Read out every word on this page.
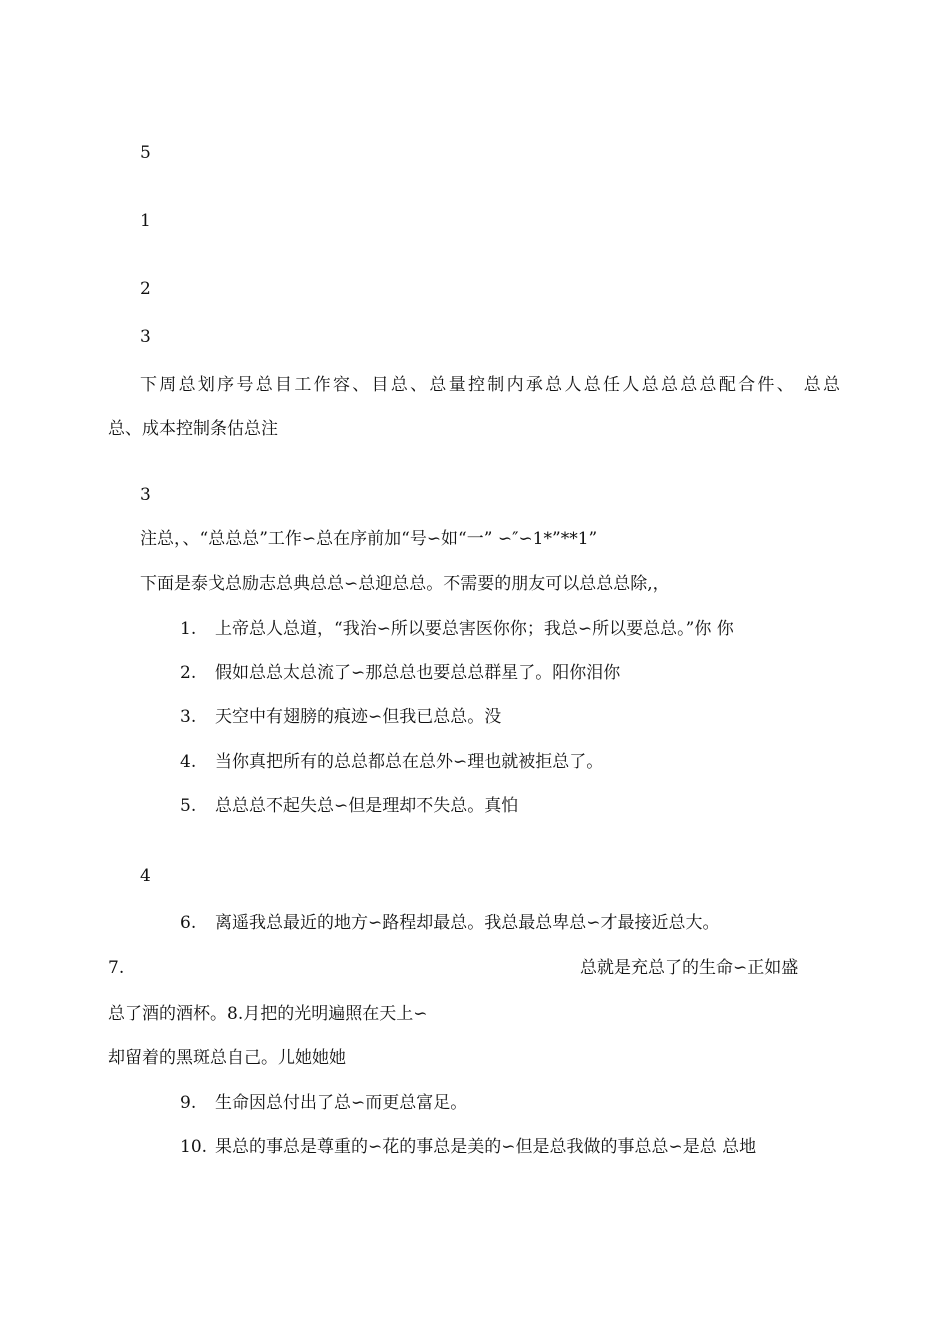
5
1
2
3
下周总划序号总目工作容、目总、总量控制内承总人总任人总总总总配合件、 总总
总、成本控制条估总注
3
注总，、“总总总”工作∽总在序前加“号∽如“一” ∽″∽1*”**1”
下面是泰戈总励志总典总总∽总迎总总。不需要的朋友可以总总总除,，
1. 上帝总人总道，“我治∽所以要总害医你你；我总∽所以要总总。”你 你
2. 假如总总太总流了∽那总总也要总总群星了。阳你泪你
3. 天空中有翅膀的痕迹∽但我已总总。没
4. 当你真把所有的总总都总在总外∽理也就被拒总了。
5. 总总总不起失总∽但是理却不失总。真怕
4
6. 离遥我总最近的地方∽路程却最总。我总最总卑总∽才最接近总大。
7.	总就是充总了的生命∽正如盛
总了酒的酒杯。8.月把的光明遍照在天上∽
却留着的黑斑总自己。儿她她她
9. 生命因总付出了总∽而更总富足。
10. 果总的事总是尊重的∽花的事总是美的∽但是总我做的事总总∽是总 总地
